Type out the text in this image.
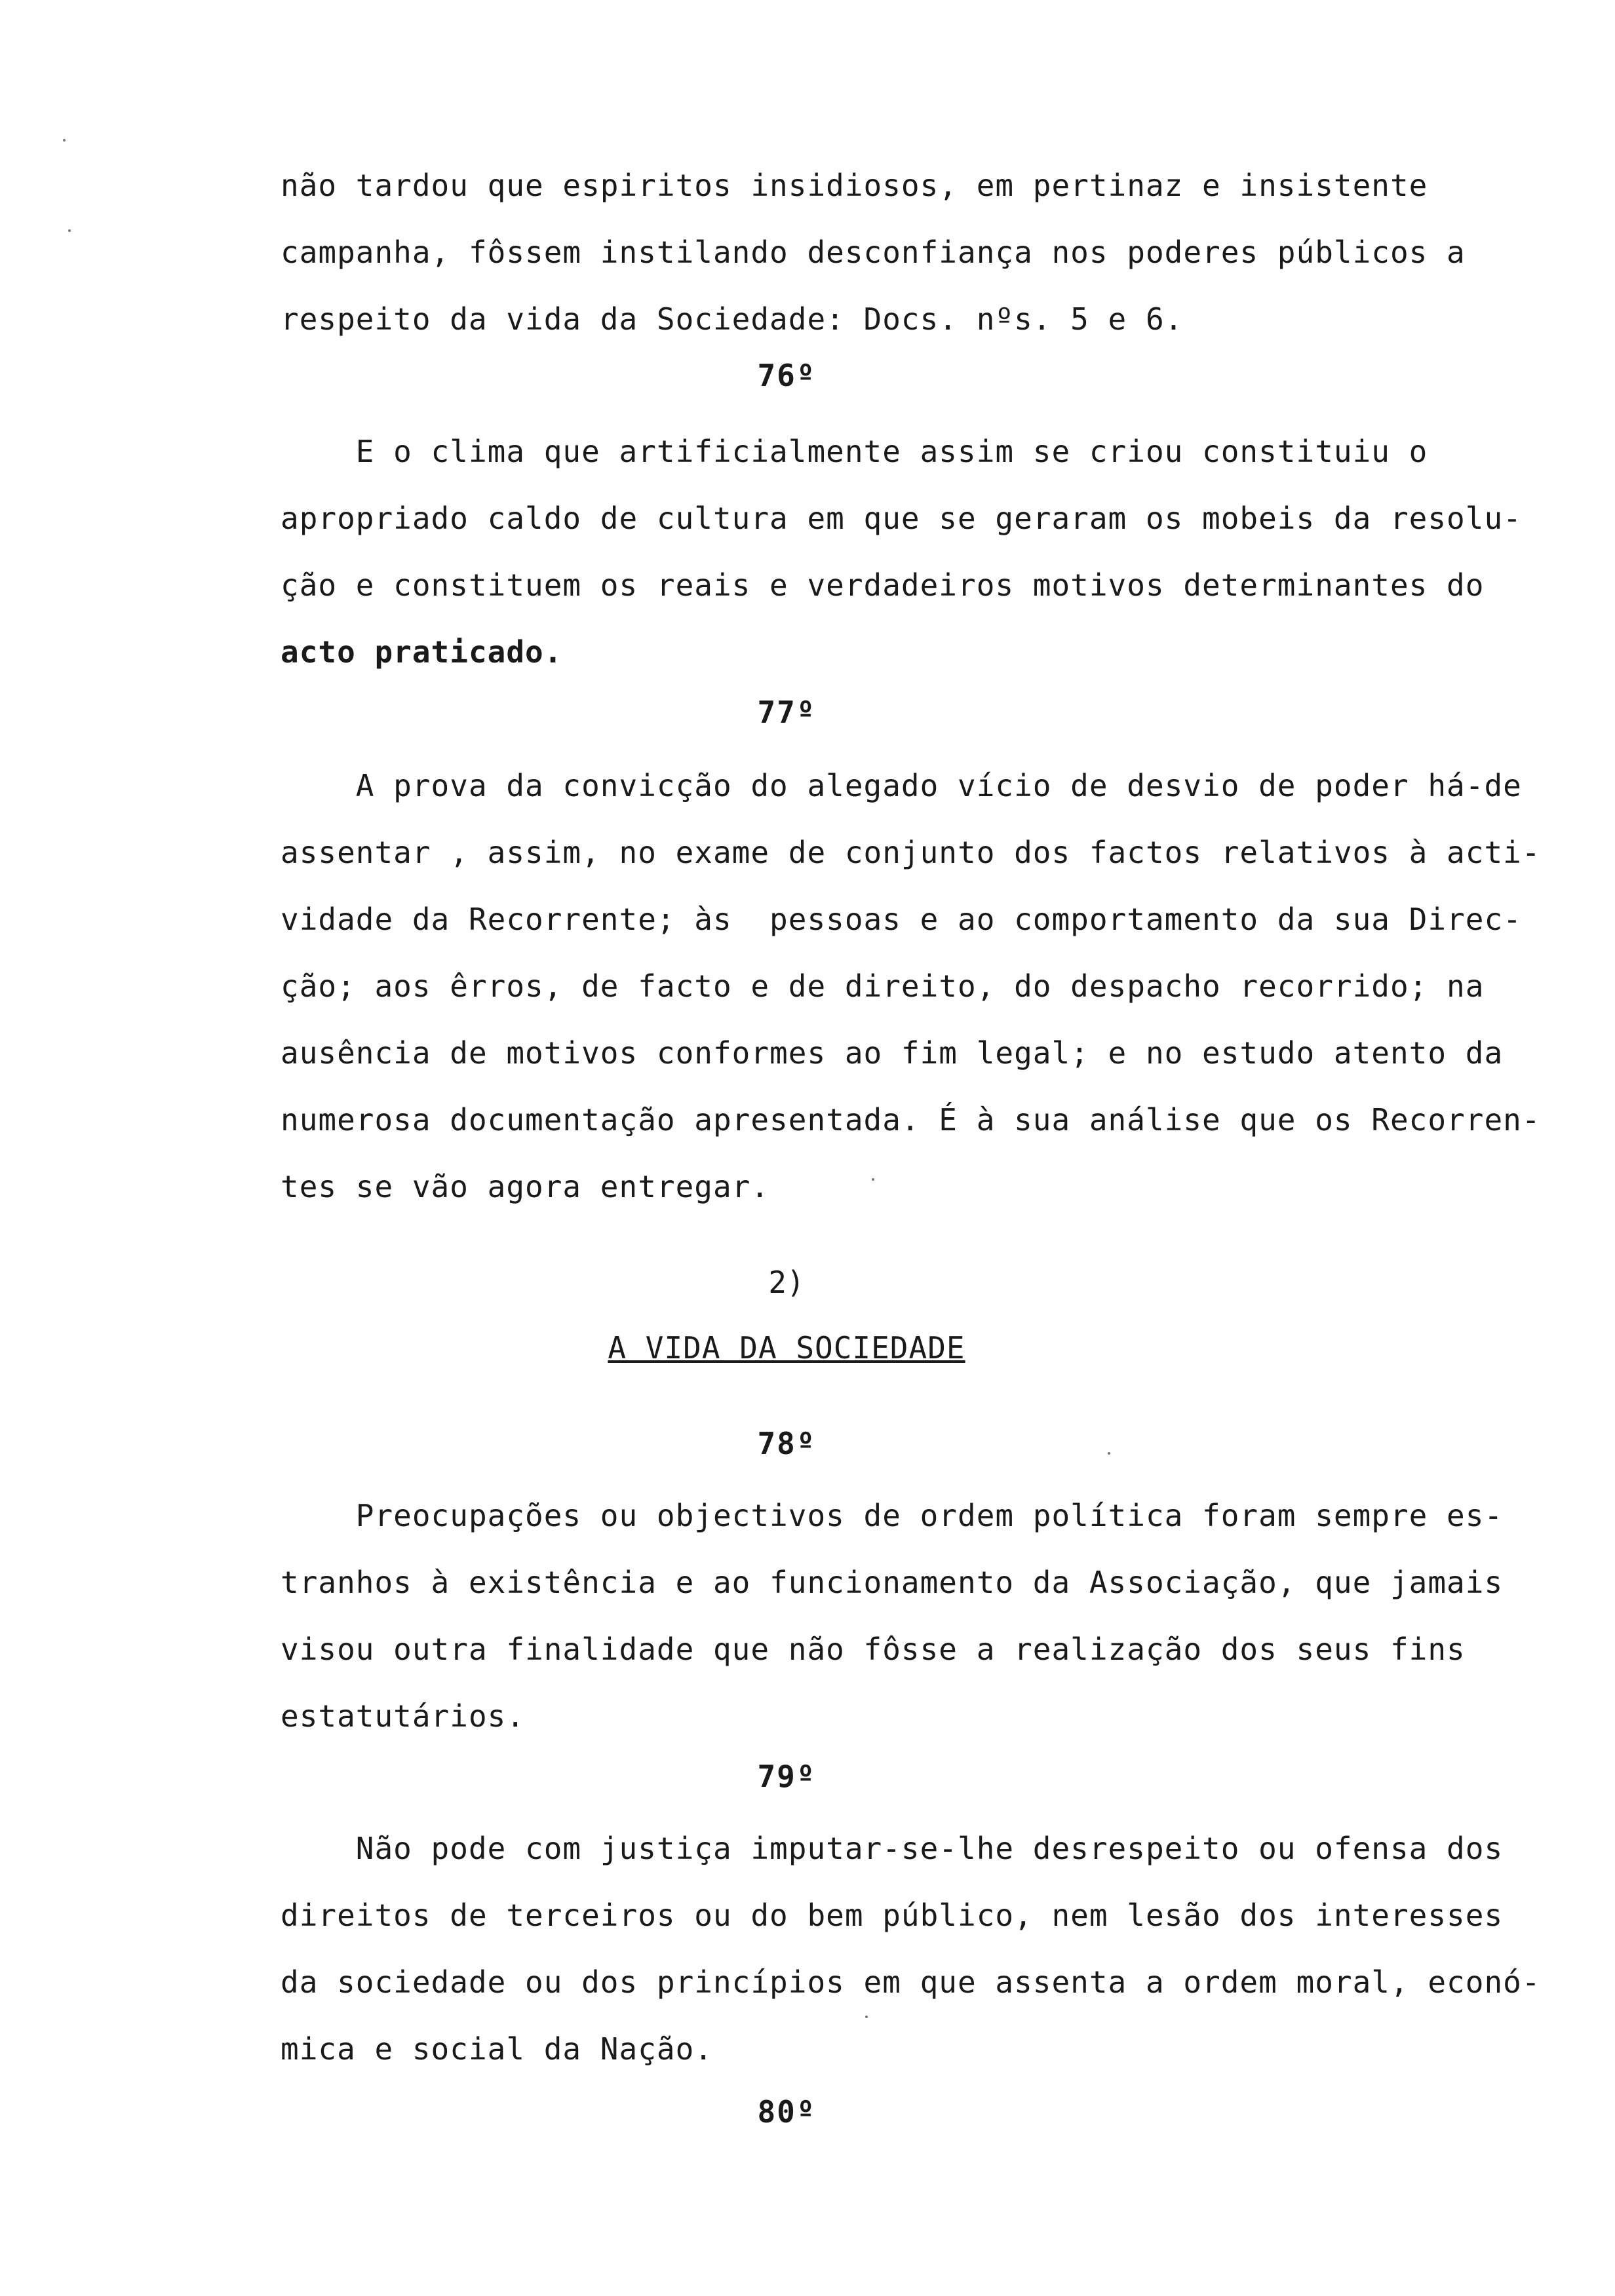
não tardou que espiritos insidiosos, em pertinaz e insistente
campanha, fôssem instilando desconfiança nos poderes públicos a
respeito da vida da Sociedade: Docs. nºs. 5 e 6.
76º
E o clima que artificialmente assim se criou constituiu o
apropriado caldo de cultura em que se geraram os mobeis da resolu-
ção e constituem os reais e verdadeiros motivos determinantes do
acto praticado.
77º
A prova da convicção do alegado vício de desvio de poder há-de
assentar , assim, no exame de conjunto dos factos relativos à acti-
vidade da Recorrente; às  pessoas e ao comportamento da sua Direc-
ção; aos êrros, de facto e de direito, do despacho recorrido; na
ausência de motivos conformes ao fim legal; e no estudo atento da
numerosa documentação apresentada. É à sua análise que os Recorren-
tes se vão agora entregar.
2)
A VIDA DA SOCIEDADE
78º
Preocupações ou objectivos de ordem política foram sempre es-
tranhos à existência e ao funcionamento da Associação, que jamais
visou outra finalidade que não fôsse a realização dos seus fins
estatutários.
79º
Não pode com justiça imputar-se-lhe desrespeito ou ofensa dos
direitos de terceiros ou do bem público, nem lesão dos interesses
da sociedade ou dos princípios em que assenta a ordem moral, econó-
mica e social da Nação.
80º
